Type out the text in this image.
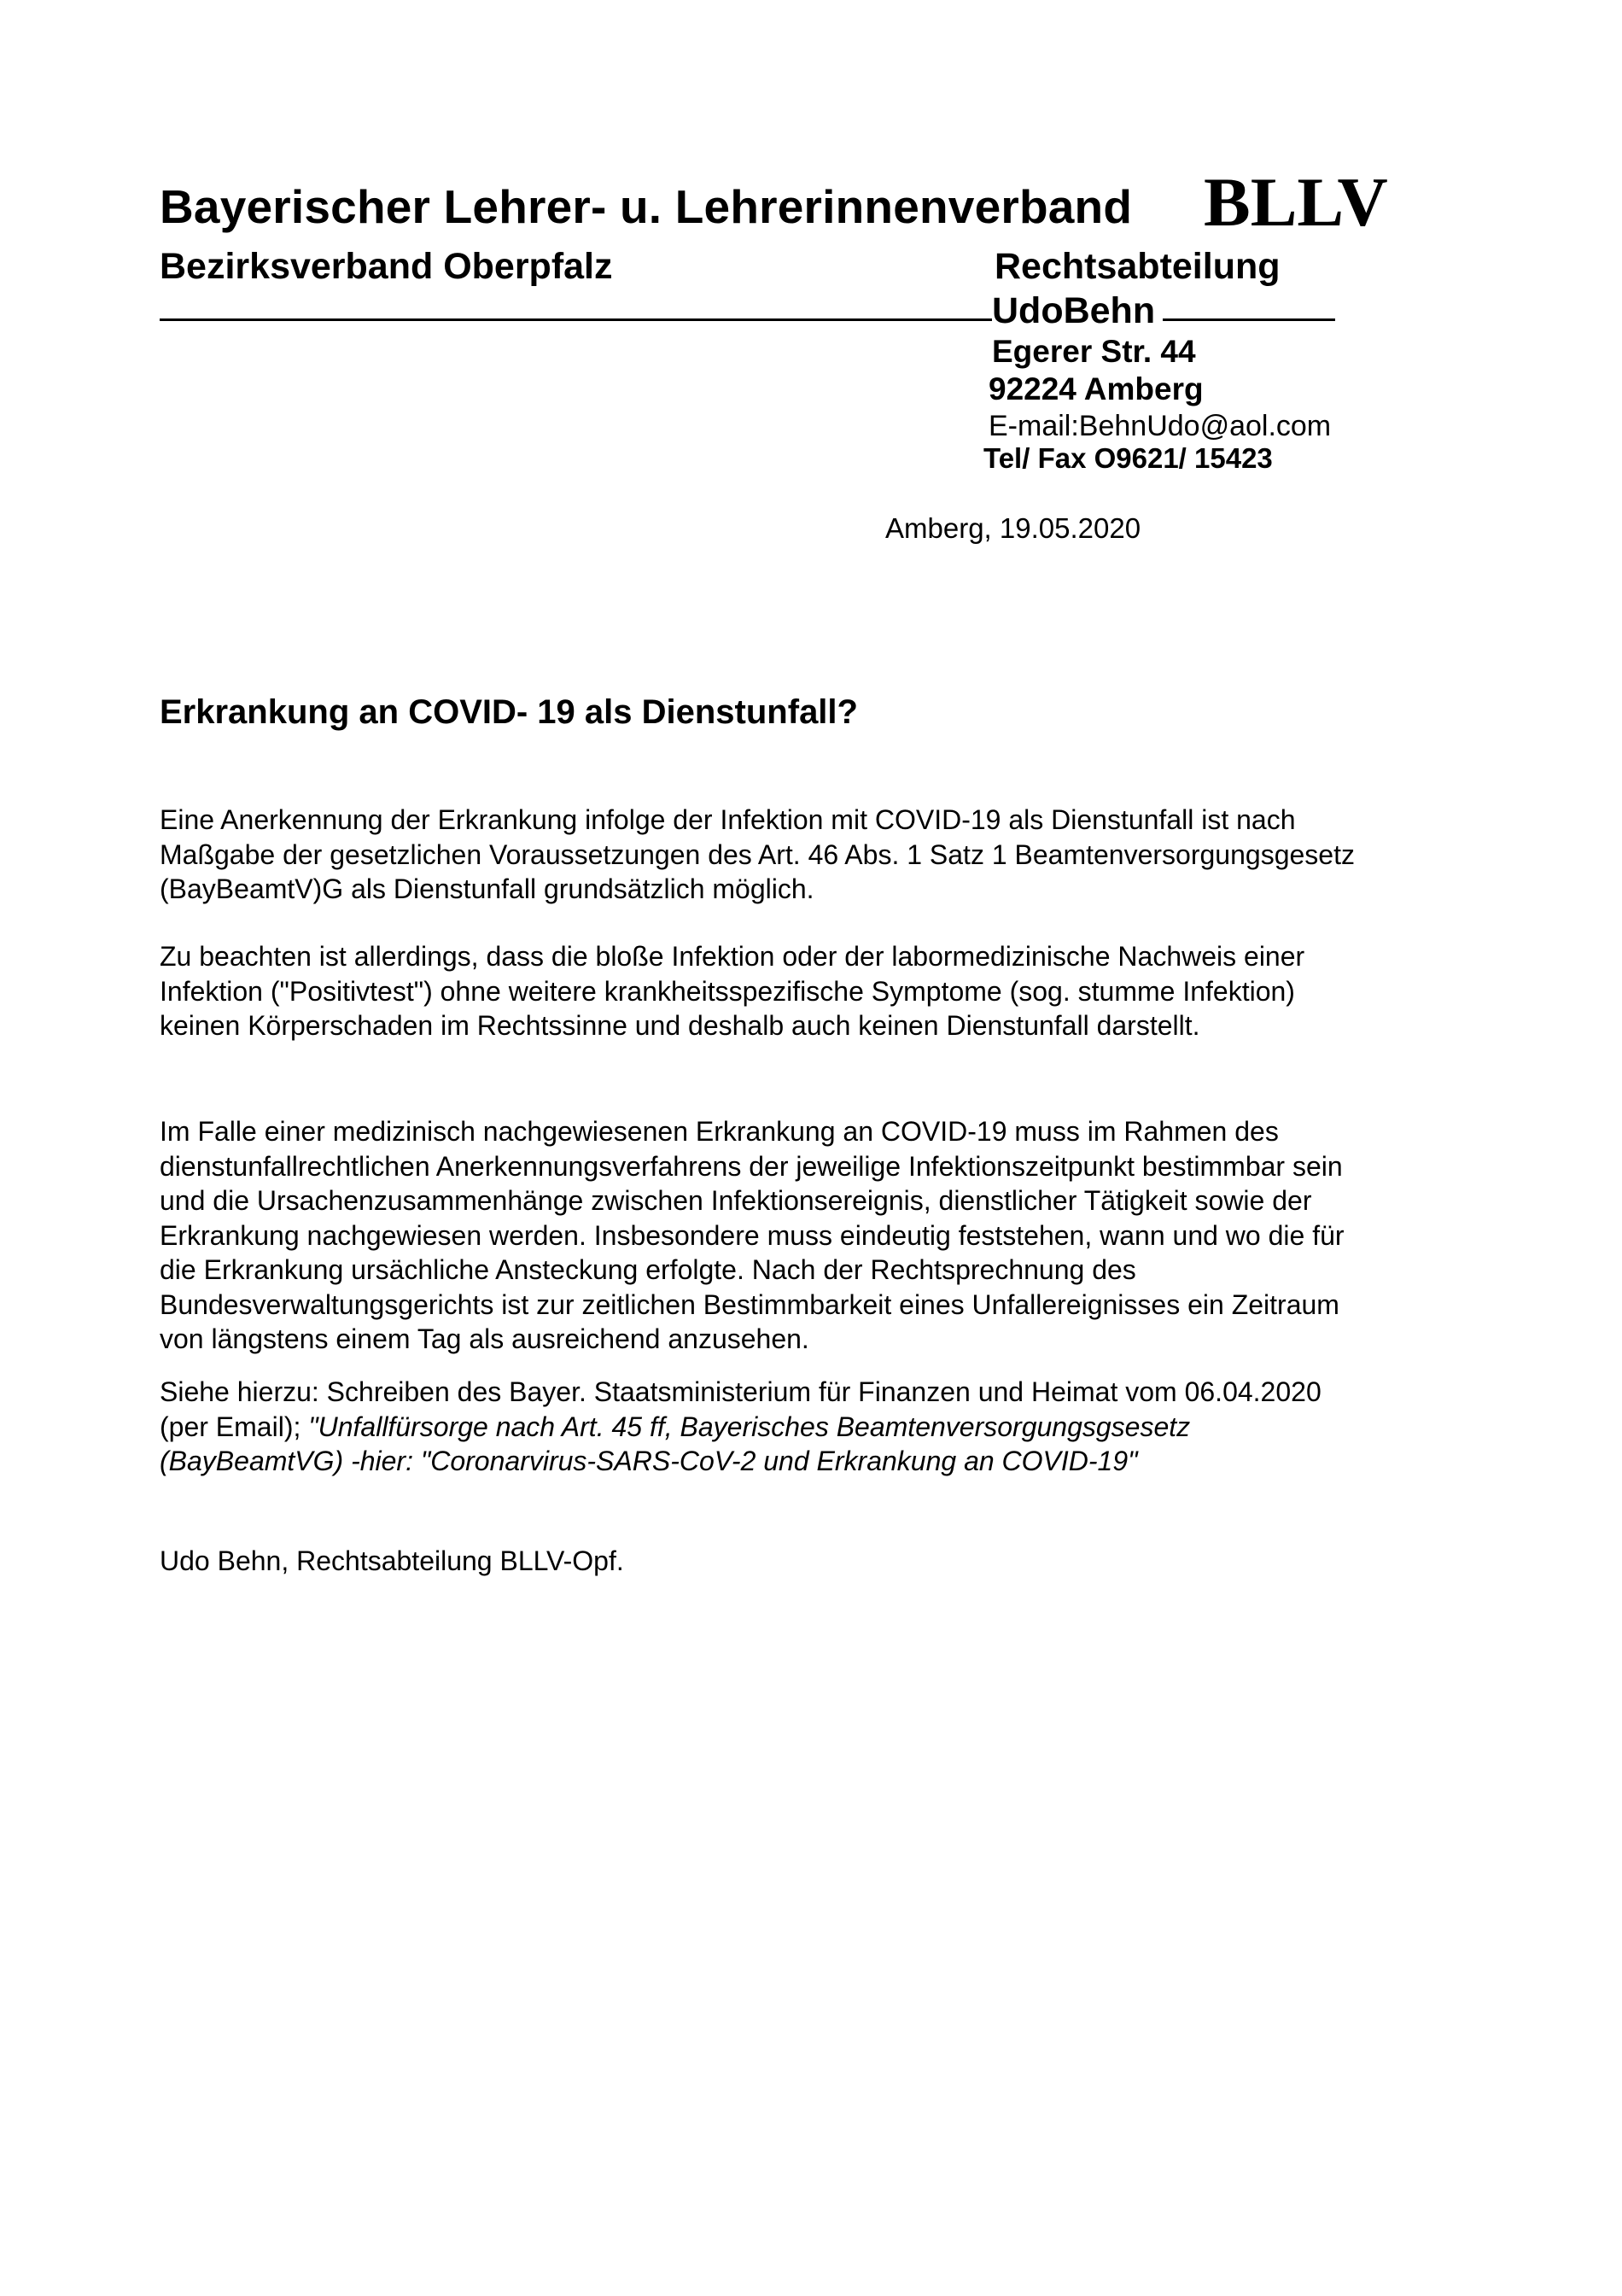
Bayerischer Lehrer- u. Lehrerinnenverband BLLV
Bezirksverband Oberpfalz	Rechtsabteilung
UdoBehn
Egerer Str. 44
92224 Amberg
E-mail:BehnUdo@aol.com
Tel/ Fax O9621/ 15423
Amberg, 19.05.2020
Erkrankung an COVID- 19 als Dienstunfall?
Eine Anerkennung der Erkrankung infolge der Infektion mit COVID-19 als Dienstunfall ist nach
Maßgabe der gesetzlichen Voraussetzungen des Art. 46 Abs. 1 Satz 1 Beamtenversorgungsgesetz
(BayBeamtV)G als Dienstunfall grundsätzlich möglich.
Zu beachten ist allerdings, dass die bloße Infektion oder der labormedizinische Nachweis einer
Infektion ("Positivtest") ohne weitere krankheitsspezifische Symptome (sog. stumme Infektion)
keinen Körperschaden im Rechtssinne und deshalb auch keinen Dienstunfall darstellt.
Im Falle einer medizinisch nachgewiesenen Erkrankung an COVID-19 muss im Rahmen des
dienstunfallrechtlichen Anerkennungsverfahrens der jeweilige Infektionszeitpunkt bestimmbar sein
und die Ursachenzusammenhänge zwischen Infektionsereignis, dienstlicher Tätigkeit sowie der
Erkrankung nachgewiesen werden. Insbesondere muss eindeutig feststehen, wann und wo die für
die Erkrankung ursächliche Ansteckung erfolgte. Nach der Rechtsprechnung des
Bundesverwaltungsgerichts ist zur zeitlichen Bestimmbarkeit eines Unfallereignisses ein Zeitraum
von längstens einem Tag als ausreichend anzusehen.
Siehe hierzu: Schreiben des Bayer. Staatsministerium für Finanzen und Heimat vom 06.04.2020
(per Email); "Unfallfürsorge nach Art. 45 ff, Bayerisches Beamtenversorgungsgsesetz
(BayBeamtVG) -hier: "Coronarvirus-SARS-CoV-2 und Erkrankung an COVID-19"
Udo Behn, Rechtsabteilung BLLV-Opf.
